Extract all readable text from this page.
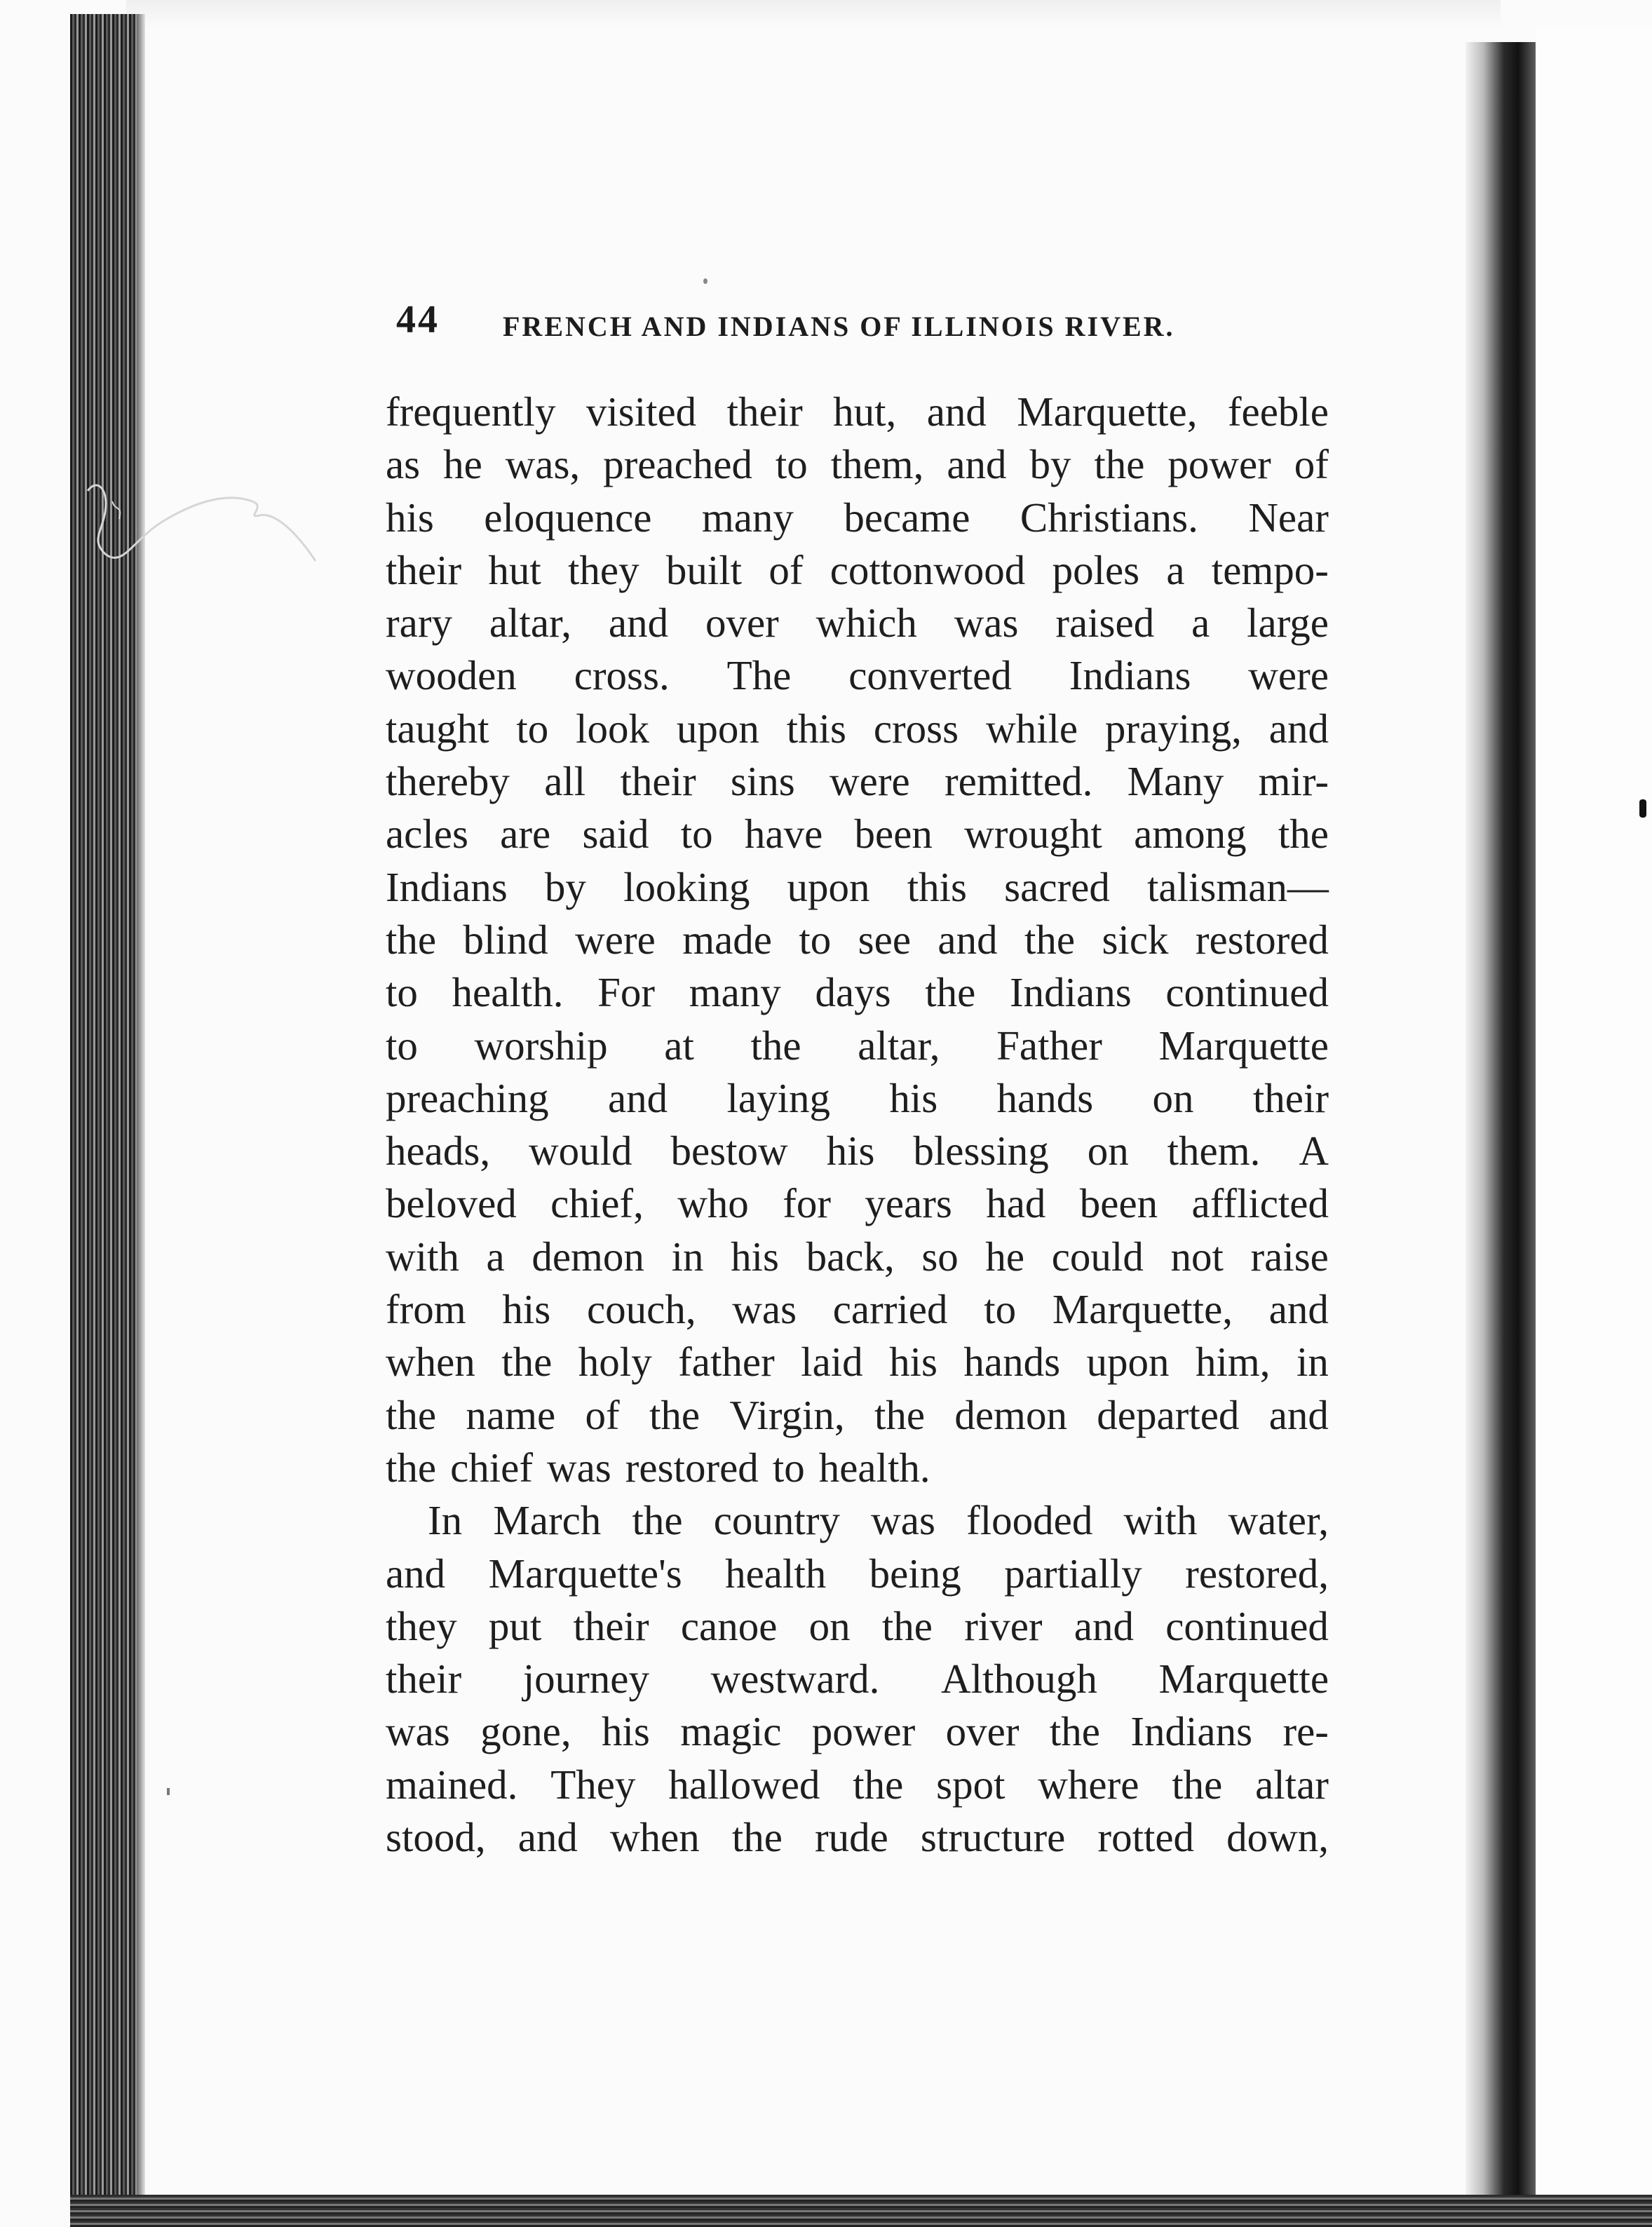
44 FRENCH AND INDIANS OF ILLINOIS RIVER.
frequently visited their hut, and Marquette, feeble
as he was, preached to them, and by the power of
his eloquence many became Christians. Near
their hut they built of cottonwood poles a tempo-
rary altar, and over which was raised a large
wooden cross. The converted Indians were
taught to look upon this cross while praying, and
thereby all their sins were remitted. Many mir-
acles are said to have been wrought among the
Indians by looking upon this sacred talisman—
the blind were made to see and the sick restored
to health. For many days the Indians continued
to worship at the altar, Father Marquette
preaching and laying his hands on their
heads, would bestow his blessing on them. A
beloved chief, who for years had been afflicted
with a demon in his back, so he could not raise
from his couch, was carried to Marquette, and
when the holy father laid his hands upon him, in
the name of the Virgin, the demon departed and
the chief was restored to health.
In March the country was flooded with water,
and Marquette's health being partially restored,
they put their canoe on the river and continued
their journey westward. Although Marquette
was gone, his magic power over the Indians re-
mained. They hallowed the spot where the altar
stood, and when the rude structure rotted down,
